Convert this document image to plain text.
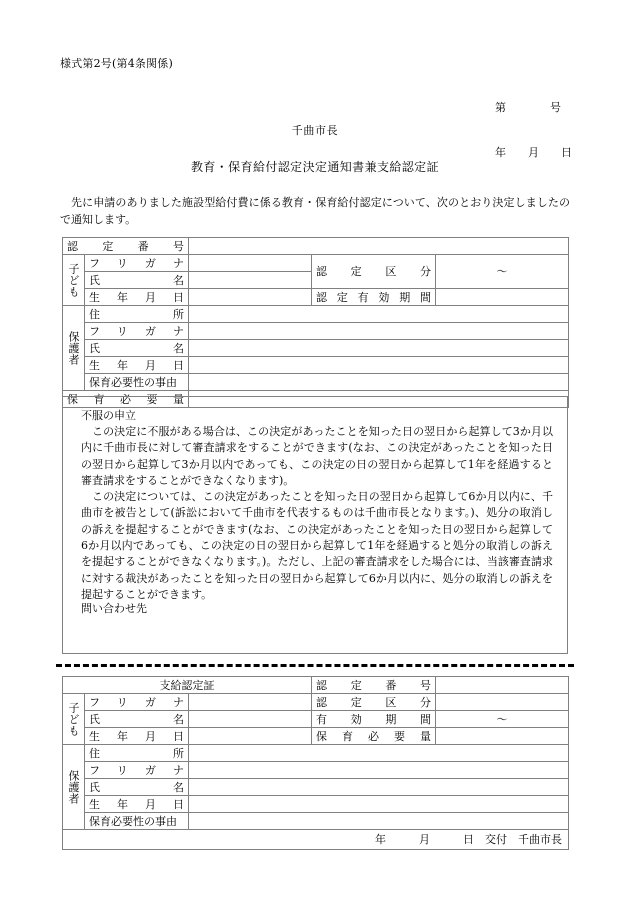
様式第2号(第4条関係)

第　　　　号

年　　月　　日

千曲市長
教育・保育給付認定決定通知書兼支給認定証
先に申請のありました施設型給付費に係る教育・保育給付認定について、次のとおり決定しましたので通知します。
認定番号				

子ども	フリガナ		認定区分	〜

	氏名			

	生年月日		認定有効期間	

保護者	住所			

	フリガナ			

	氏名			

	生年月日			

	保育必要性の事由			

保育必要量				

不服の申立

この決定に不服がある場合は、この決定があったことを知った日の翌日から起算して3か月以内に千曲市長に対して審査請求をすることができます(なお、この決定があったことを知った日の翌日から起算して3か月以内であっても、この決定の日の翌日から起算して1年を経過すると審査請求をすることができなくなります)。

この決定については、この決定があったことを知った日の翌日から起算して6か月以内に、千曲市を被告として(訴訟において千曲市を代表するものは千曲市長となります。)、処分の取消しの訴えを提起することができます(なお、この決定があったことを知った日の翌日から起算して6か月以内であっても、この決定の日の翌日から起算して1年を経過すると処分の取消しの訴えを提起することができなくなります。)。ただし、上記の審査請求をした場合には、当該審査請求に対する裁決があったことを知った日の翌日から起算して6か月以内に、処分の取消しの訴えを提起することができます。

問い合わせ先
支給認定証			認定番号	

子ども	フリガナ		認定区分	

	氏名		有効期間	〜

	生年月日		保育必要量	

保護者	住所			

	フリガナ			

	氏名			

	生年月日			

	保育必要性の事由			

年　　　月　　　日　交付　千曲市長				
